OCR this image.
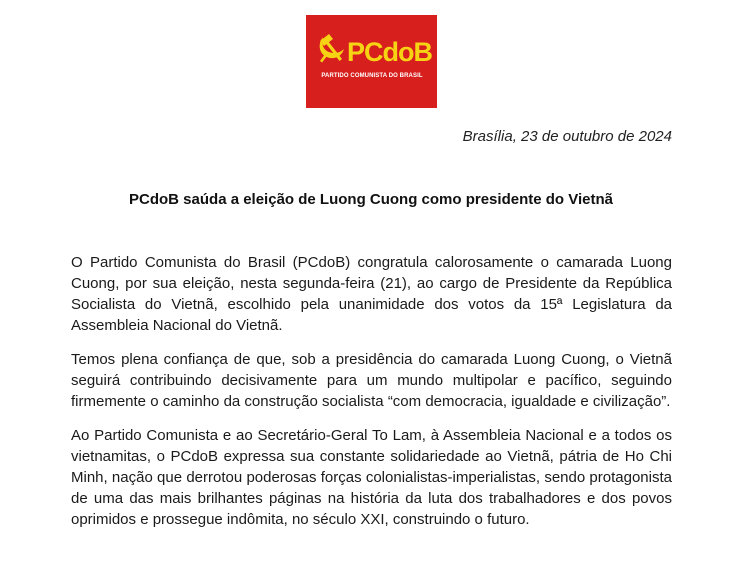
PCdoB
PARTIDO COMUNISTA DO BRASIL
Brasília, 23 de outubro de 2024
PCdoB saúda a eleição de Luong Cuong como presidente do Vietnã

O Partido Comunista do Brasil (PCdoB) congratula calorosamente o camarada Luong Cuong, por sua eleição, nesta segunda-feira (21), ao cargo de Presidente da República Socialista do Vietnã, escolhido pela unanimidade dos votos da 15ª Legislatura da Assembleia Nacional do Vietnã.

Temos plena confiança de que, sob a presidência do camarada Luong Cuong, o Vietnã seguirá contribuindo decisivamente para um mundo multipolar e pacífico, seguindo firmemente o caminho da construção socialista “com democracia, igualdade e civilização”.

Ao Partido Comunista e ao Secretário-Geral To Lam, à Assembleia Nacional e a todos os vietnamitas, o PCdoB expressa sua constante solidariedade ao Vietnã, pátria de Ho Chi Minh, nação que derrotou poderosas forças colonialistas-imperialistas, sendo protagonista de uma das mais brilhantes páginas na história da luta dos trabalhadores e dos povos oprimidos e prossegue indômita, no século XXI, construindo o futuro.
